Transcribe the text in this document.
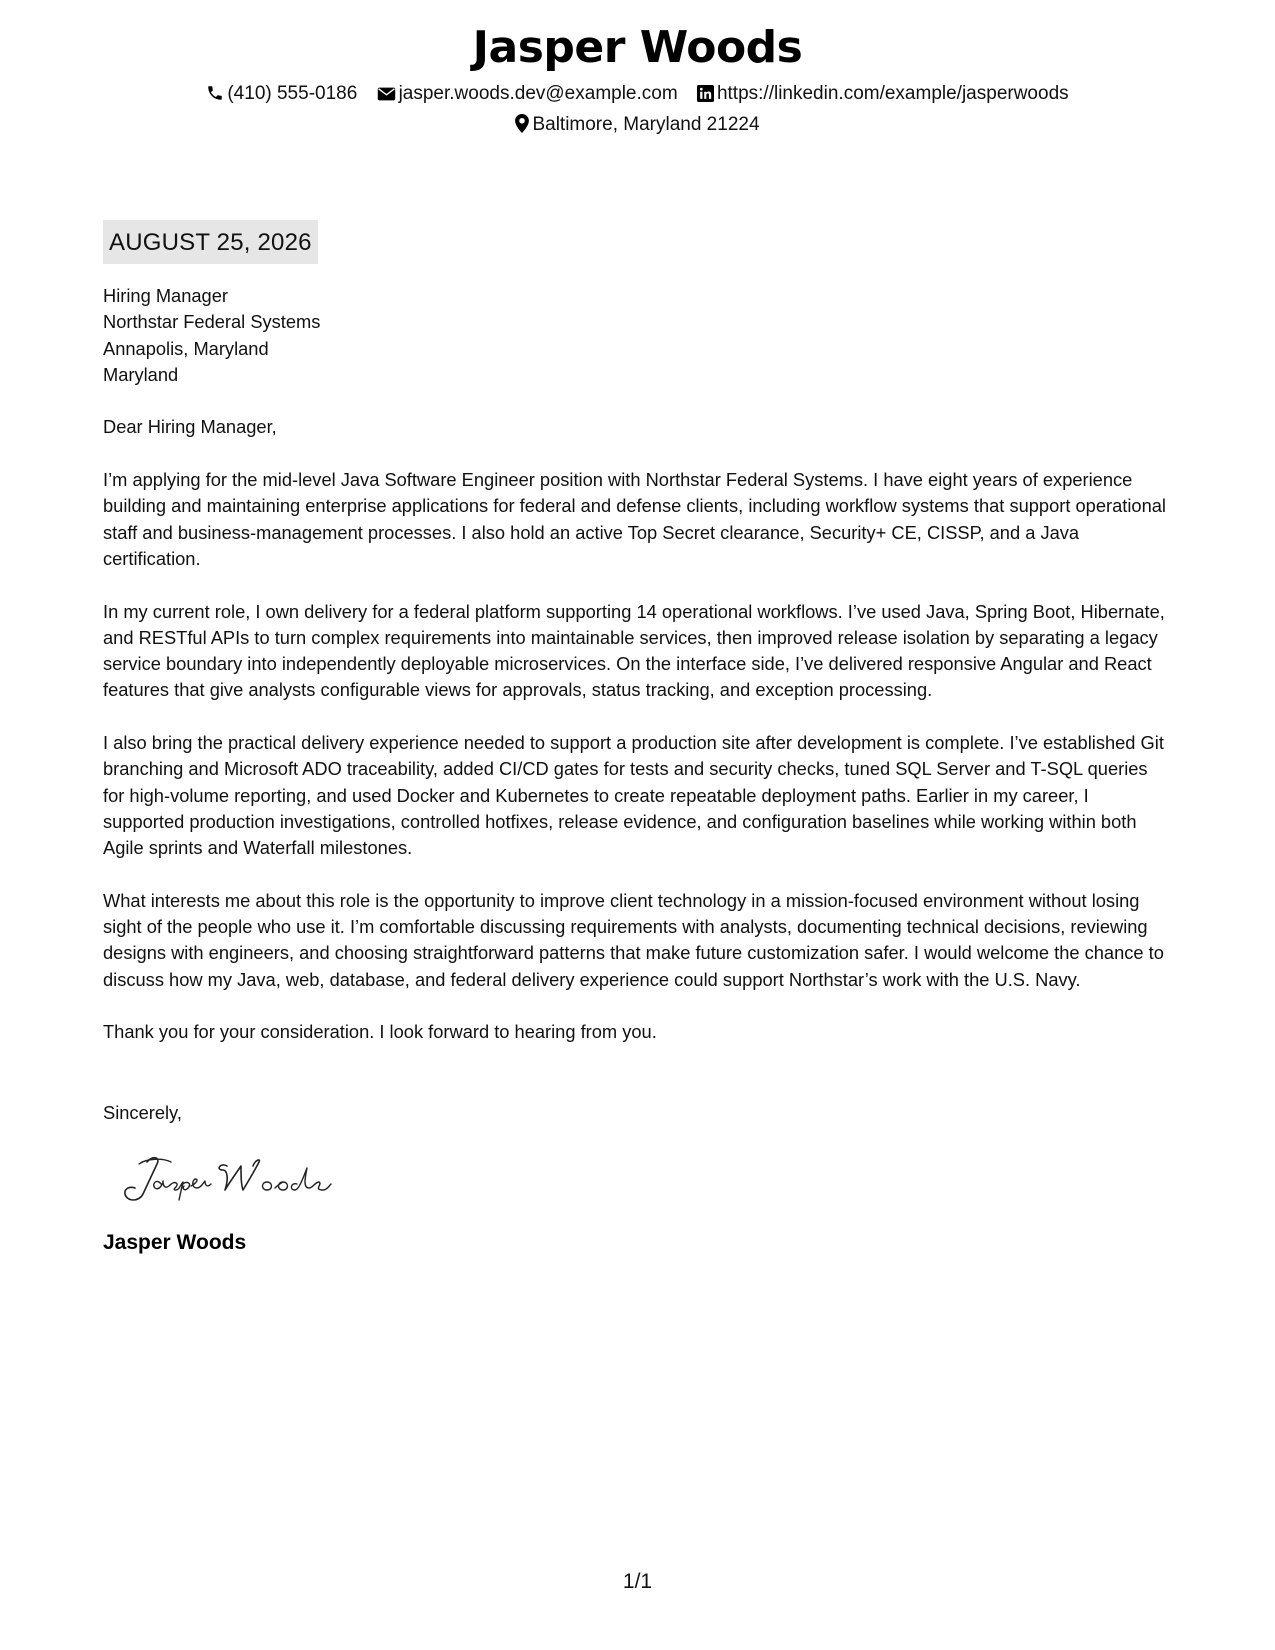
Jasper Woods
(410) 555-0186 jasper.woods.dev@example.com https://linkedin.com/example/jasperwoods
Baltimore, Maryland 21224
AUGUST 25, 2026

Hiring Manager
Northstar Federal Systems
Annapolis, Maryland
Maryland

Dear Hiring Manager,

I’m applying for the mid-level Java Software Engineer position with Northstar Federal Systems. I have eight years of experience building and maintaining enterprise applications for federal and defense clients, including workflow systems that support operational staff and business-management processes. I also hold an active Top Secret clearance, Security+ CE, CISSP, and a Java certification.

In my current role, I own delivery for a federal platform supporting 14 operational workflows. I’ve used Java, Spring Boot, Hibernate, and RESTful APIs to turn complex requirements into maintainable services, then improved release isolation by separating a legacy service boundary into independently deployable microservices. On the interface side, I’ve delivered responsive Angular and React features that give analysts configurable views for approvals, status tracking, and exception processing.

I also bring the practical delivery experience needed to support a production site after development is complete. I’ve established Git branching and Microsoft ADO traceability, added CI/CD gates for tests and security checks, tuned SQL Server and T-SQL queries for high-volume reporting, and used Docker and Kubernetes to create repeatable deployment paths. Earlier in my career, I supported production investigations, controlled hotfixes, release evidence, and configuration baselines while working within both Agile sprints and Waterfall milestones.

What interests me about this role is the opportunity to improve client technology in a mission-focused environment without losing sight of the people who use it. I’m comfortable discussing requirements with analysts, documenting technical decisions, reviewing designs with engineers, and choosing straightforward patterns that make future customization safer. I would welcome the chance to discuss how my Java, web, database, and federal delivery experience could support Northstar’s work with the U.S. Navy.

Thank you for your consideration. I look forward to hearing from you.

Sincerely,
Jasper Woods
1/1
